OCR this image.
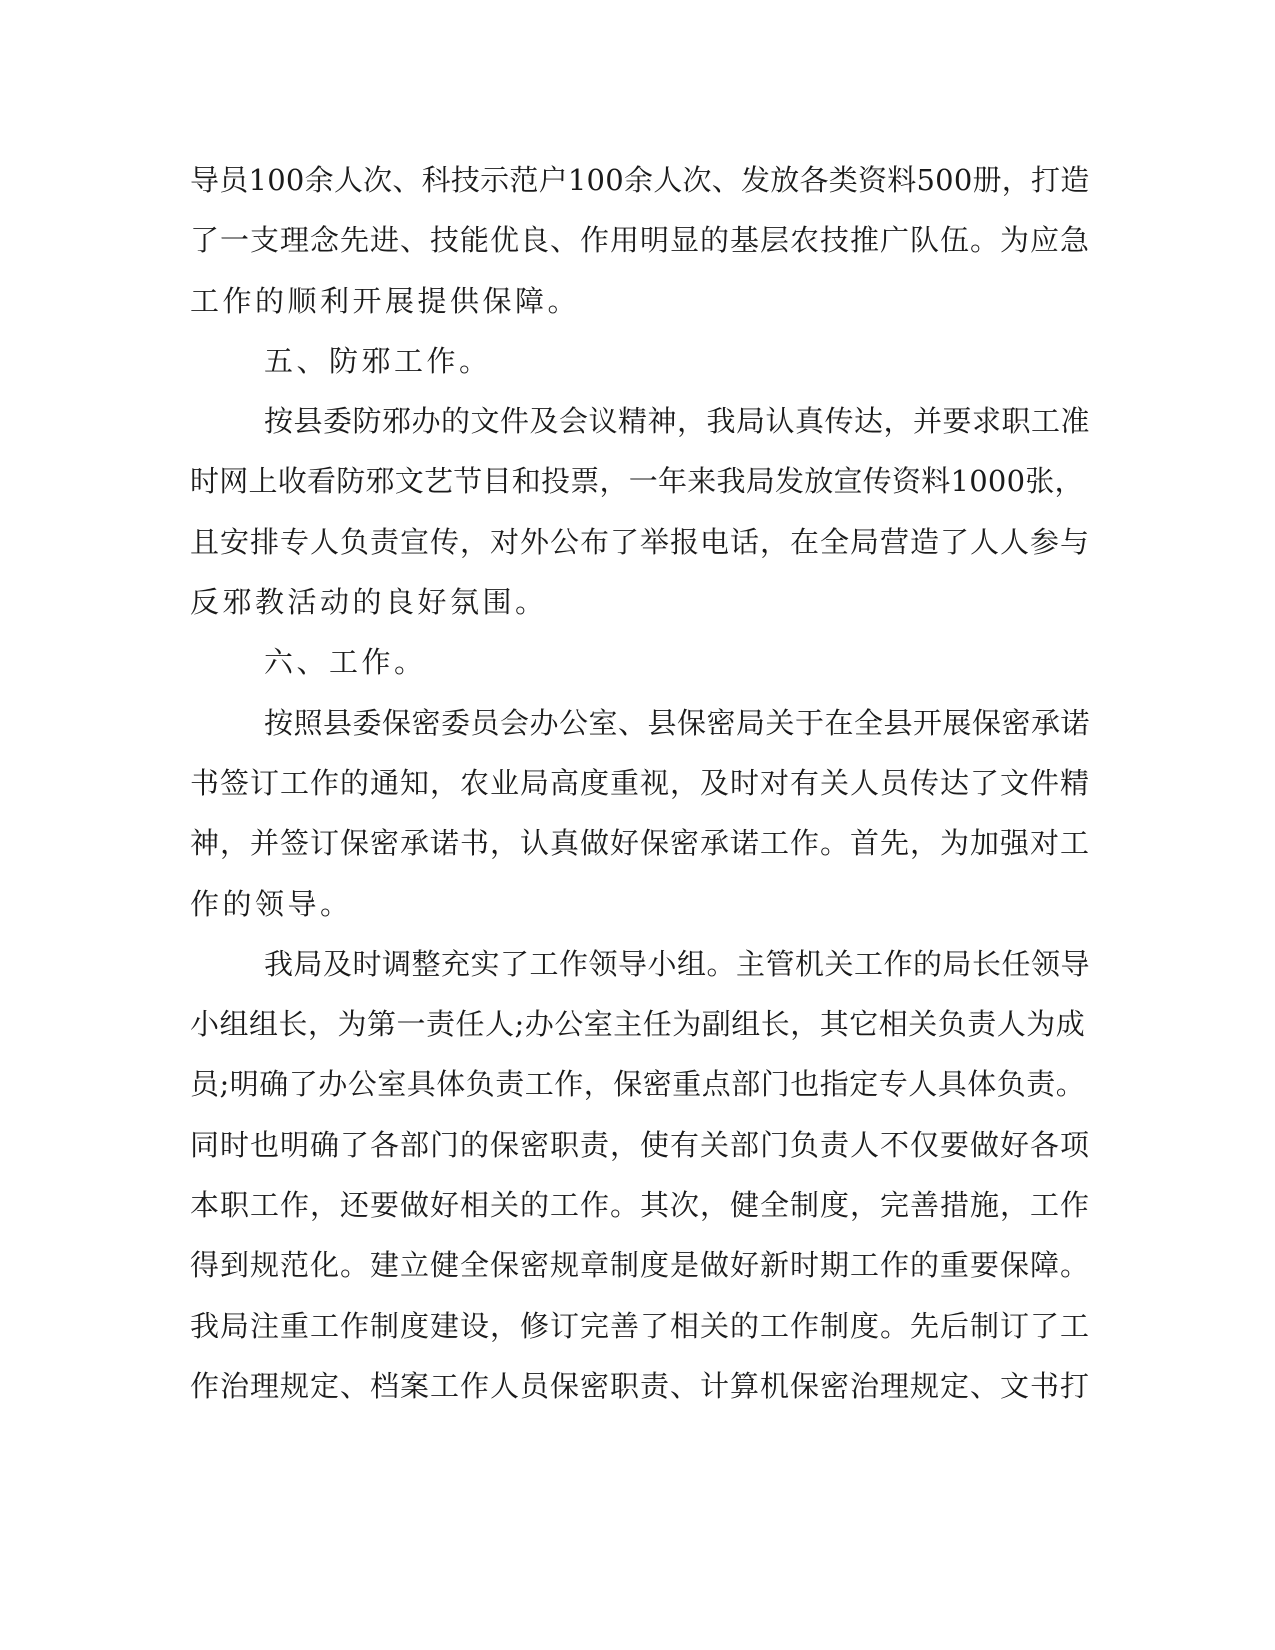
导员100余人次、科技示范户100余人次、发放各类资料500册，打造
了一支理念先进、技能优良、作用明显的基层农技推广队伍。为应急
工作的顺利开展提供保障。
五、防邪工作。
按县委防邪办的文件及会议精神，我局认真传达，并要求职工准
时网上收看防邪文艺节目和投票，一年来我局发放宣传资料1000张，
且安排专人负责宣传，对外公布了举报电话，在全局营造了人人参与
反邪教活动的良好氛围。
六、工作。
按照县委保密委员会办公室、县保密局关于在全县开展保密承诺
书签订工作的通知，农业局高度重视，及时对有关人员传达了文件精
神，并签订保密承诺书，认真做好保密承诺工作。首先，为加强对工
作的领导。
我局及时调整充实了工作领导小组。主管机关工作的局长任领导
小组组长，为第一责任人;办公室主任为副组长，其它相关负责人为成
员;明确了办公室具体负责工作，保密重点部门也指定专人具体负责。
同时也明确了各部门的保密职责，使有关部门负责人不仅要做好各项
本职工作，还要做好相关的工作。其次，健全制度，完善措施，工作
得到规范化。建立健全保密规章制度是做好新时期工作的重要保障。
我局注重工作制度建设，修订完善了相关的工作制度。先后制订了工
作治理规定、档案工作人员保密职责、计算机保密治理规定、文书打
